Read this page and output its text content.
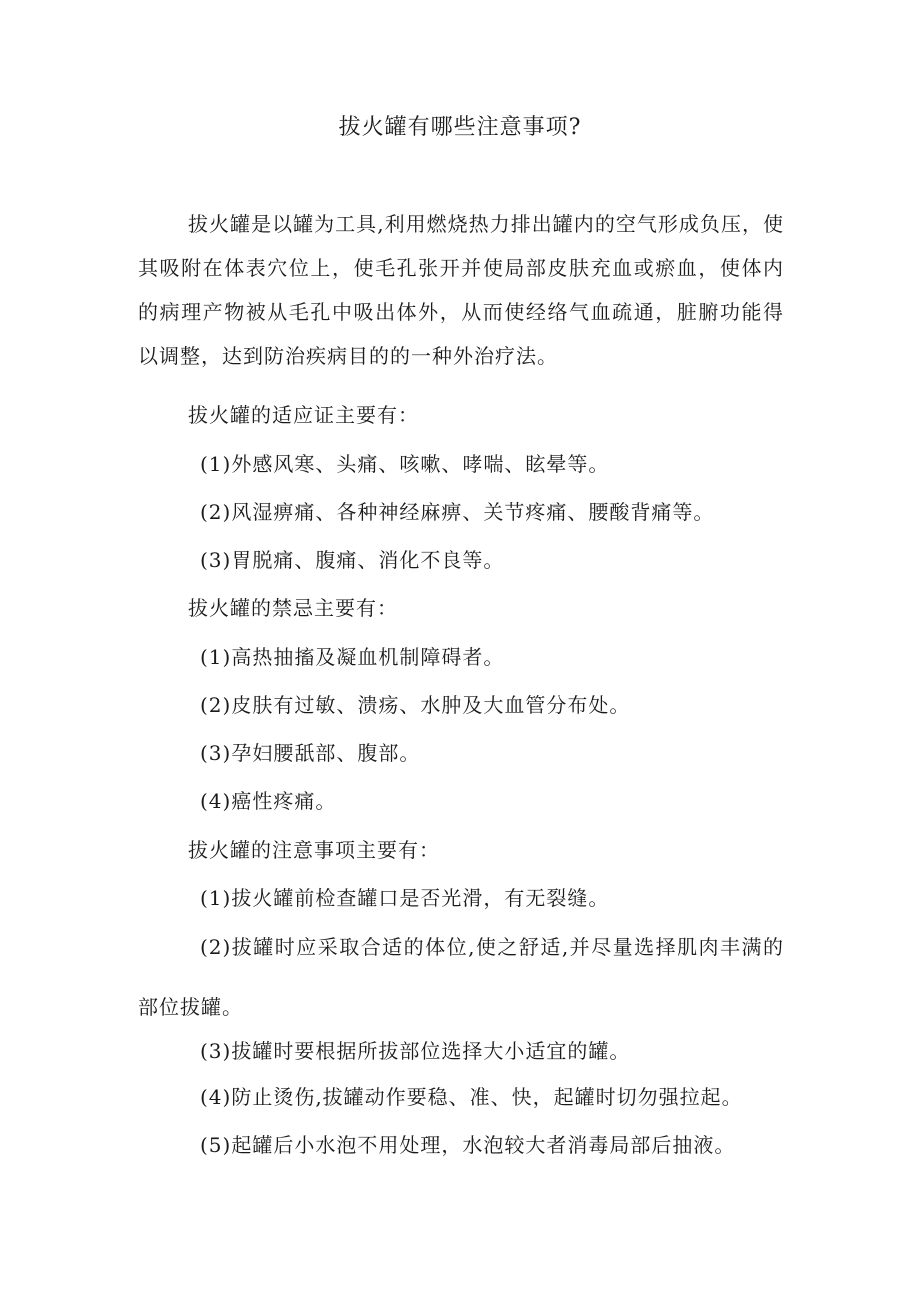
拔火罐有哪些注意事项?
拔火罐是以罐为工具,利用燃烧热力排出罐内的空气形成负压，使其吸附在体表穴位上，使毛孔张开并使局部皮肤充血或瘀血，使体内的病理产物被从毛孔中吸出体外，从而使经络气血疏通，脏腑功能得以调整，达到防治疾病目的的一种外治疗法。
拔火罐的适应证主要有：
(1)外感风寒、头痛、咳嗽、哮喘、眩晕等。
(2)风湿痹痛、各种神经麻痹、关节疼痛、腰酸背痛等。
(3)胃脱痛、腹痛、消化不良等。
拔火罐的禁忌主要有：
(1)高热抽搐及凝血机制障碍者。
(2)皮肤有过敏、溃疡、水肿及大血管分布处。
(3)孕妇腰舐部、腹部。
(4)癌性疼痛。
拔火罐的注意事项主要有：
(1)拔火罐前检查罐口是否光滑，有无裂缝。
(2)拔罐时应采取合适的体位,使之舒适,并尽量选择肌肉丰满的部位拔罐。
(3)拔罐时要根据所拔部位选择大小适宜的罐。
(4)防止烫伤,拔罐动作要稳、准、快，起罐时切勿强拉起。
(5)起罐后小水泡不用处理，水泡较大者消毒局部后抽液。
